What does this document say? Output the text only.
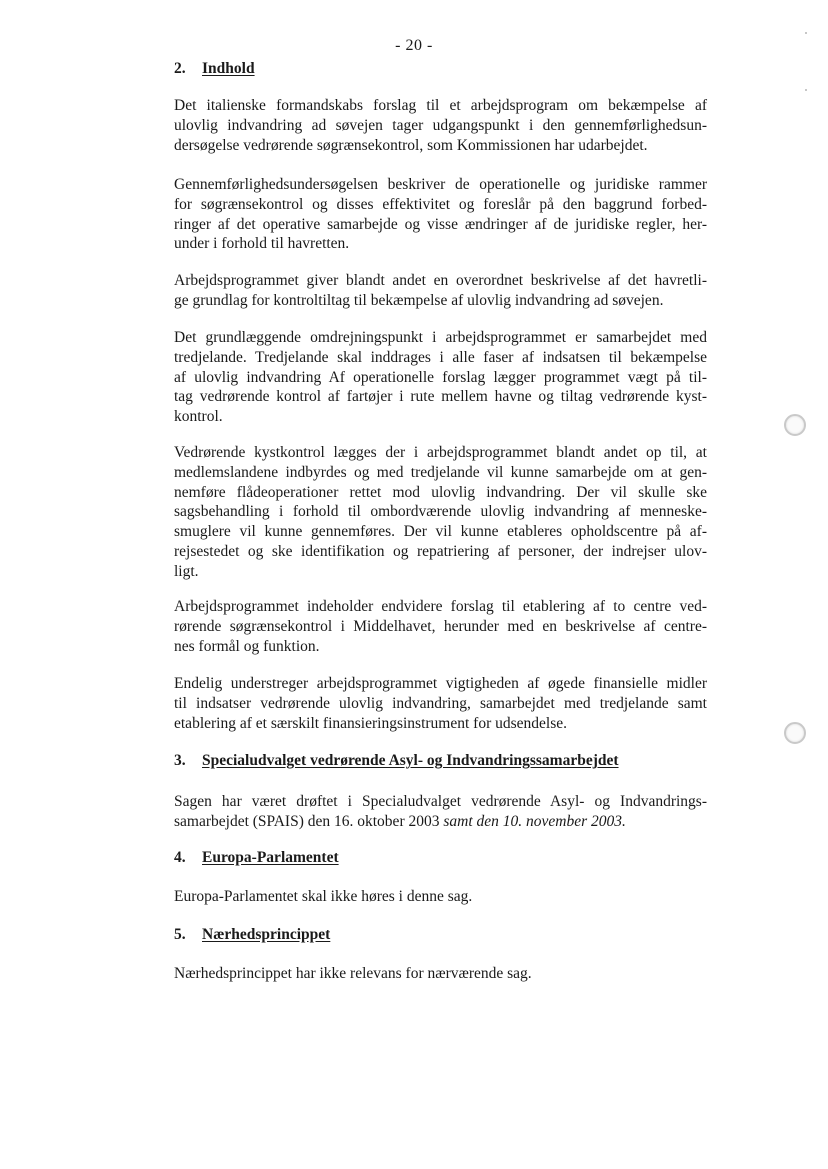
- 20 -
2. Indhold
Det italienske formandskabs forslag til et arbejdsprogram om bekæmpelse af
ulovlig indvandring ad søvejen tager udgangspunkt i den gennemførlighedsun-
dersøgelse vedrørende søgrænsekontrol, som Kommissionen har udarbejdet.
Gennemførlighedsundersøgelsen beskriver de operationelle og juridiske rammer
for søgrænsekontrol og disses effektivitet og foreslår på den baggrund forbed-
ringer af det operative samarbejde og visse ændringer af de juridiske regler, her-
under i forhold til havretten.
Arbejdsprogrammet giver blandt andet en overordnet beskrivelse af det havretli-
ge grundlag for kontroltiltag til bekæmpelse af ulovlig indvandring ad søvejen.
Det grundlæggende omdrejningspunkt i arbejdsprogrammet er samarbejdet med
tredjelande. Tredjelande skal inddrages i alle faser af indsatsen til bekæmpelse
af ulovlig indvandring Af operationelle forslag lægger programmet vægt på til-
tag vedrørende kontrol af fartøjer i rute mellem havne og tiltag vedrørende kyst-
kontrol.
Vedrørende kystkontrol lægges der i arbejdsprogrammet blandt andet op til, at
medlemslandene indbyrdes og med tredjelande vil kunne samarbejde om at gen-
nemføre flådeoperationer rettet mod ulovlig indvandring. Der vil skulle ske
sagsbehandling i forhold til ombordværende ulovlig indvandring af menneske-
smuglere vil kunne gennemføres. Der vil kunne etableres opholdscentre på af-
rejsestedet og ske identifikation og repatriering af personer, der indrejser ulov-
ligt.
Arbejdsprogrammet indeholder endvidere forslag til etablering af to centre ved-
rørende søgrænsekontrol i Middelhavet, herunder med en beskrivelse af centre-
nes formål og funktion.
Endelig understreger arbejdsprogrammet vigtigheden af øgede finansielle midler
til indsatser vedrørende ulovlig indvandring, samarbejdet med tredjelande samt
etablering af et særskilt finansieringsinstrument for udsendelse.
3. Specialudvalget vedrørende Asyl- og Indvandringssamarbejdet
Sagen har været drøftet i Specialudvalget vedrørende Asyl- og Indvandrings-
samarbejdet (SPAIS) den 16. oktober 2003 samt den 10. november 2003.
4. Europa-Parlamentet
Europa-Parlamentet skal ikke høres i denne sag.
5. Nærhedsprincippet
Nærhedsprincippet har ikke relevans for nærværende sag.
